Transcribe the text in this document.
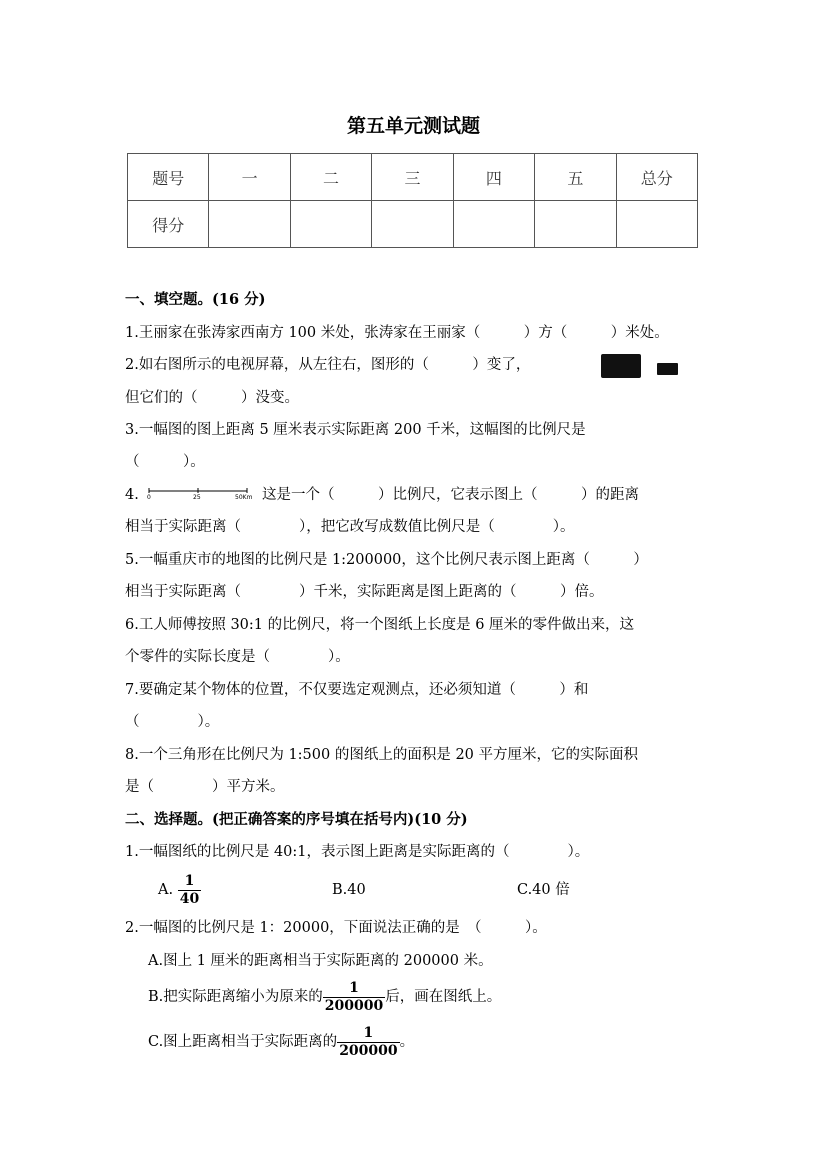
第五单元测试题
题号	一	二	三	四	五	总分
得分						
一、填空题。(16 分)
1.王丽家在张涛家西南方 100 米处，张涛家在王丽家（　　　）方（　　　）米处。
2.如右图所示的电视屏幕，从左往右，图形的（　　　）变了，
但它们的（　　　）没变。
3.一幅图的图上距离 5 厘米表示实际距离 200 千米，这幅图的比例尺是
（　　　）。
4. 0	25	50Km 这是一个（　　　）比例尺，它表示图上（　　　）的距离
相当于实际距离（　　　　），把它改写成数值比例尺是（　　　　）。
5.一幅重庆市的地图的比例尺是 1:200000，这个比例尺表示图上距离（　　　）
相当于实际距离（　　　　）千米，实际距离是图上距离的（　　　）倍。
6.工人师傅按照 30:1 的比例尺，将一个图纸上长度是 6 厘米的零件做出来，这
个零件的实际长度是（　　　　）。
7.要确定某个物体的位置，不仅要选定观测点，还必须知道（　　　）和
（　　　　）。
8.一个三角形在比例尺为 1:500 的图纸上的面积是 20 平方厘米，它的实际面积
是（　　　　）平方米。
二、选择题。(把正确答案的序号填在括号内)(10 分)
1.一幅图纸的比例尺是 40:1，表示图上距离是实际距离的（　　　　）。
A. $\frac{1}{40}$	B.40	C.40 倍
2.一幅图的比例尺是 1：20000，下面说法正确的是　（　　　）。
A.图上 1 厘米的距离相当于实际距离的 200000 米。
B.把实际距离缩小为原来的 $\frac{1}{200000}$ 后，画在图纸上。
C.图上距离相当于实际距离的 $\frac{1}{200000}$ 。
